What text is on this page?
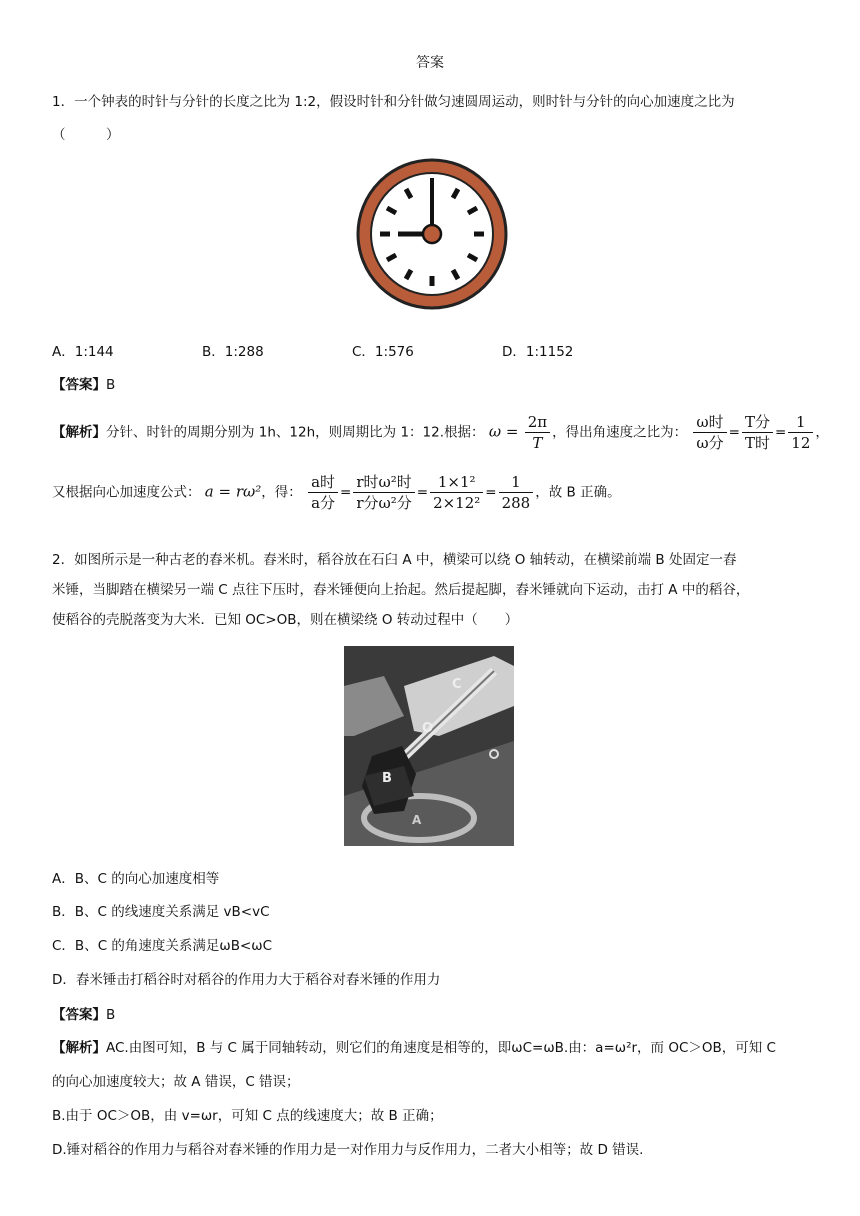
答案
1．一个钟表的时针与分针的长度之比为 1:2，假设时针和分针做匀速圆周运动，则时针与分针的向心加速度之比为
（　　　）
A．1:144	B．1:288	C．1:576	D．1:1152
【答案】B
【解析】分针、时针的周期分别为 1h、12h，则周期比为 1：12.根据： $\omega = \frac{2\pi}{T}$ ，得出角速度之比为： $\frac{\text{ω时}}{\text{ω分}} = \frac{\text{T分}}{\text{T时}} = \frac{1}{12}$ ，
又根据向心加速度公式： a = rω²，得： $\frac{\text{a时}}{\text{a分}} = \frac{\text{r时ω²时}}{\text{r分ω²分}} = \frac{\text{1×1²}}{\text{2×12²}} = \frac{1}{288}$ ，故 B 正确。
2．如图所示是一种古老的舂米机。舂米时，稻谷放在石臼 A 中，横梁可以绕 O 轴转动，在横梁前端 B 处固定一舂
米锤，当脚踏在横梁另一端 C 点往下压时，舂米锤便向上抬起。然后提起脚，舂米锤就向下运动，击打 A 中的稻谷，
使稻谷的壳脱落变为大米．已知 OC>OB，则在横梁绕 O 转动过程中（　　）
C
O
B
A
A．B、C 的向心加速度相等
B．B、C 的线速度关系满足 vB<vC
C．B、C 的角速度关系满足ωB<ωC
D．舂米锤击打稻谷时对稻谷的作用力大于稻谷对舂米锤的作用力
【答案】B
【解析】AC.由图可知，B 与 C 属于同轴转动，则它们的角速度是相等的，即ωC=ωB.由：a=ω²r，而 OC＞OB，可知 C
的向心加速度较大；故 A 错误，C 错误；
B.由于 OC＞OB，由 v=ωr，可知 C 点的线速度大；故 B 正确；
D.锤对稻谷的作用力与稻谷对舂米锤的作用力是一对作用力与反作用力，二者大小相等；故 D 错误.
